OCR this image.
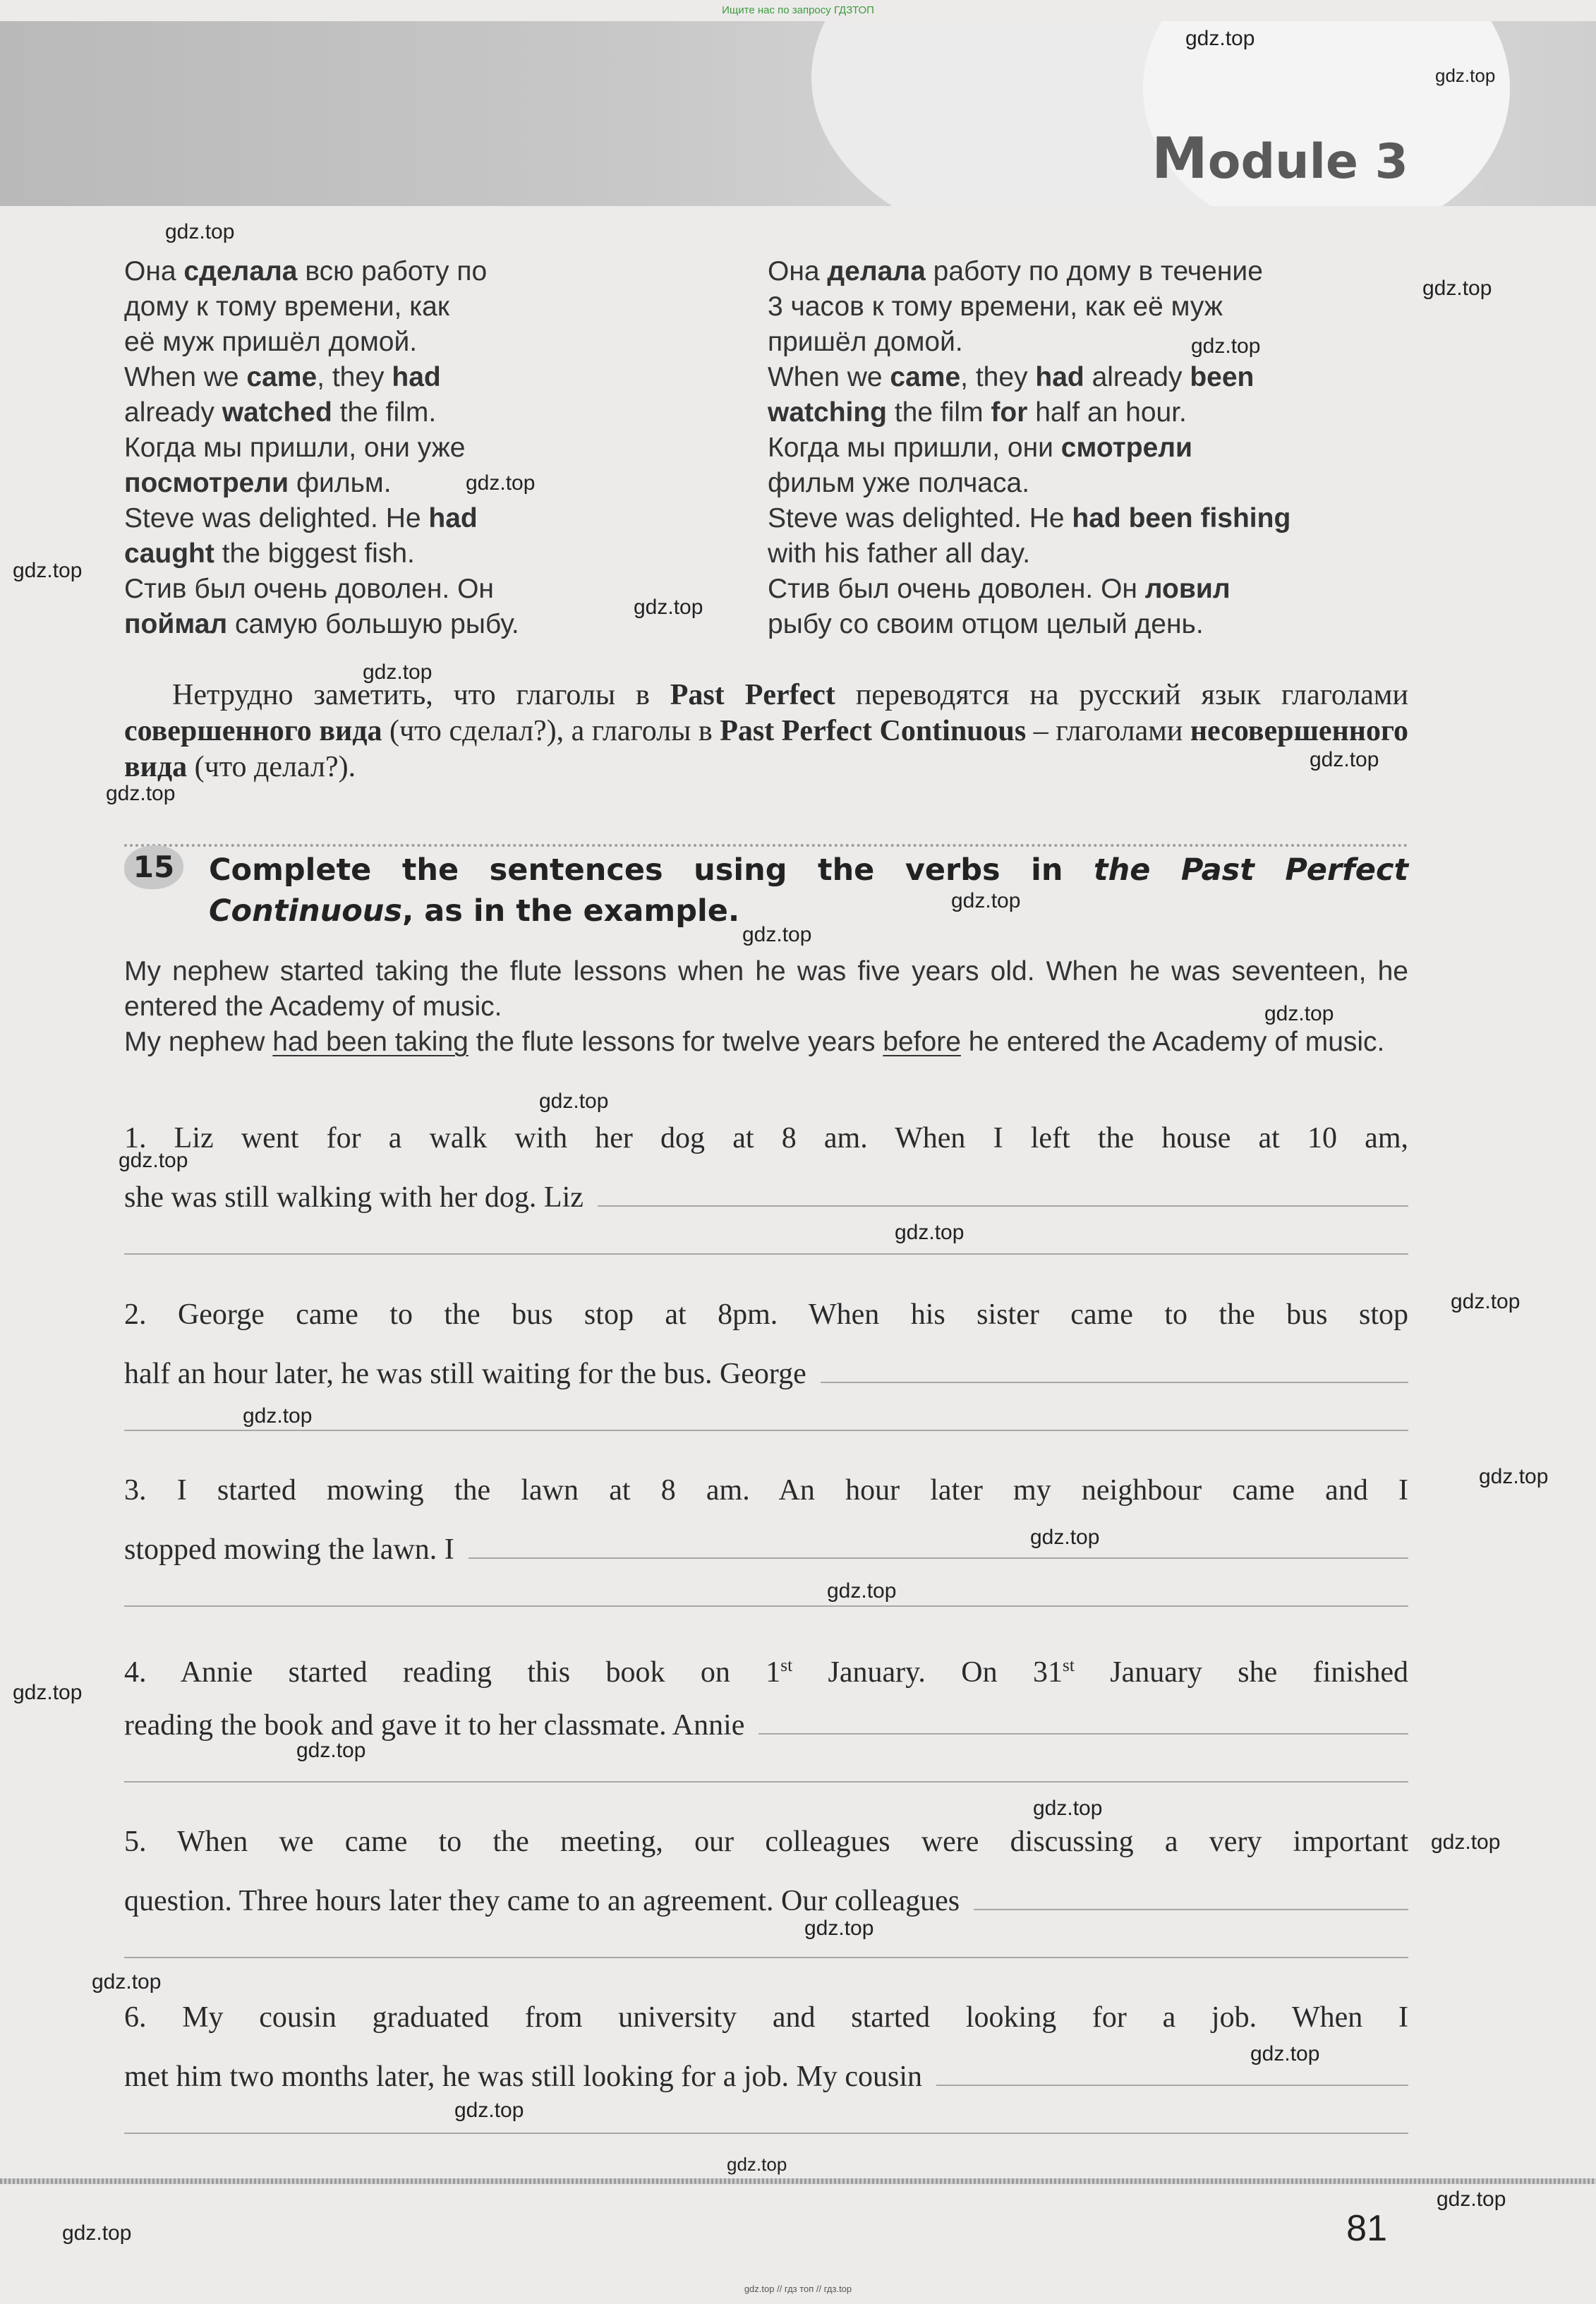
Ищите нас по запросу ГДЗТОП
Module 3
Она сделала всю работу по
дому к тому времени, как
её муж пришёл домой.
When we came, they had
already watched the film.
Когда мы пришли, они уже
посмотрели фильм.
Steve was delighted. He had
caught the biggest fish.
Стив был очень доволен. Он
поймал самую большую рыбу.
Она делала работу по дому в течение
3 часов к тому времени, как её муж
пришёл домой.
When we came, they had already been
watching the film for half an hour.
Когда мы пришли, они смотрели
фильм уже полчаса.
Steve was delighted. He had been fishing
with his father all day.
Стив был очень доволен. Он ловил
рыбу со своим отцом целый день.
Нетрудно заметить, что глаголы в Past Perfect переводятся на русский язык глаголами совершенного вида (что сделал?), а глаголы в Past Perfect Continuous – глаголами несовершенного вида (что делал?).
15 Complete the sentences using the verbs in the Past Perfect Continuous, as in the example.
My nephew started taking the flute lessons when he was five years old. When he was seventeen, he entered the Academy of music.
My nephew had been taking the flute lessons for twelve years before he entered the Academy of music.
1. Liz went for a walk with her dog at 8 am. When I left the house at 10 am,
she was still walking with her dog. Liz
2. George came to the bus stop at 8pm. When his sister came to the bus stop
half an hour later, he was still waiting for the bus. George
3. I started mowing the lawn at 8 am. An hour later my neighbour came and I
stopped mowing the lawn. I
4. Annie started reading this book on 1st January. On 31st January she finished
reading the book and gave it to her classmate. Annie
5. When we came to the meeting, our colleagues were discussing a very important
question. Three hours later they came to an agreement. Our colleagues
6. My cousin graduated from university and started looking for a job. When I
met him two months later, he was still looking for a job. My cousin
81
gdz.top // гдз топ // гдз.top
gdz.top
gdz.top
gdz.top
gdz.top
gdz.top
gdz.top
gdz.top
gdz.top
gdz.top
gdz.top
gdz.top
gdz.top
gdz.top
gdz.top
gdz.top
gdz.top
gdz.top
gdz.top
gdz.top
gdz.top
gdz.top
gdz.top
gdz.top
gdz.top
gdz.top
gdz.top
gdz.top
gdz.top
gdz.top
gdz.top
gdz.top
gdz.top
gdz.top
